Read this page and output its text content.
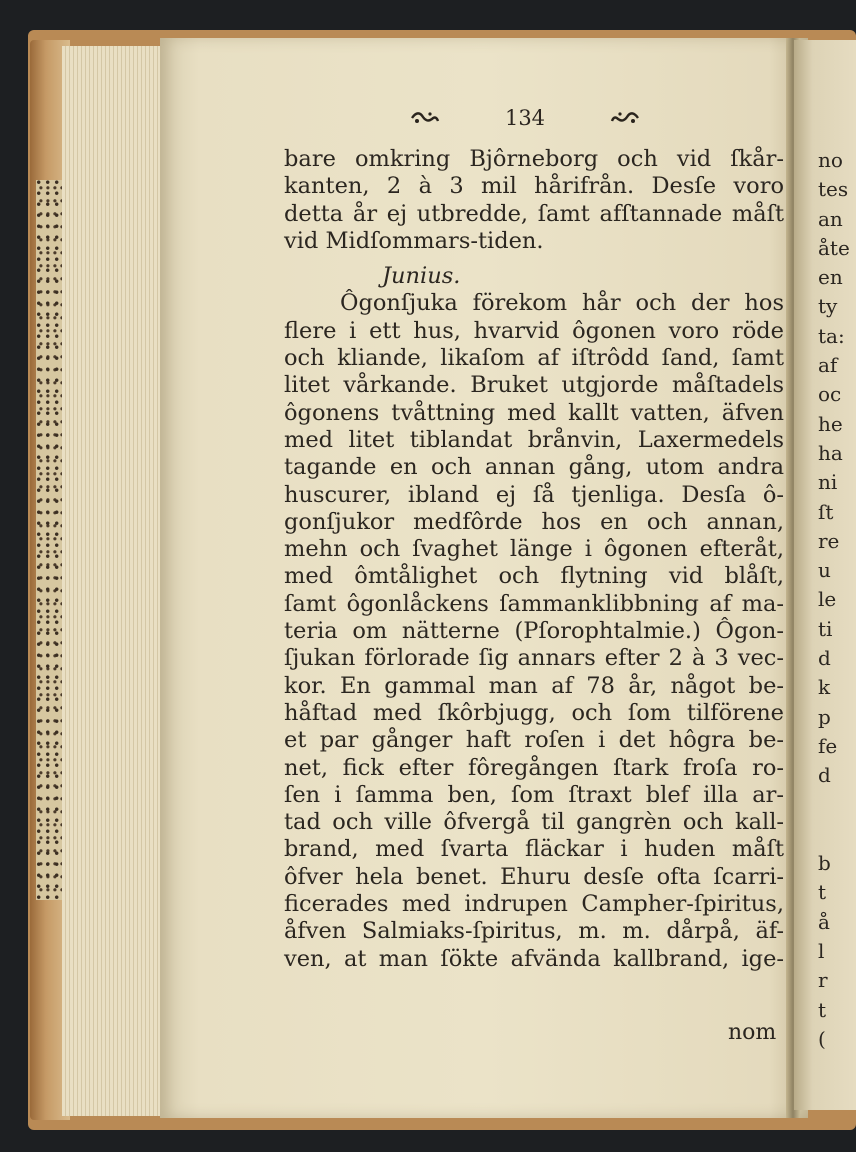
no
tes
an
åte
en
ty
ta:
af
oc
he
ha
ni
ſt
re
u
le
ti
d
k
p
fe
d
b
t
å
l
r
t
(
134
bare omkring Bjôrneborg och vid ſkår-
kanten, 2 à 3 mil hårifrån. Desſe voro
detta år ej utbredde, ſamt afſtannade måſt
vid Midſommars-tiden.
Junius.
Ôgonſjuka förekom hår och der hos
flere i ett hus, hvarvid ôgonen voro röde
och kliande, likaſom af iſtrôdd ſand, ſamt
litet vårkande. Bruket utgjorde måſtadels
ôgonens tvåttning med kallt vatten, äfven
med litet tiblandat brånvin, Laxermedels
tagande en och annan gång, utom andra
huscurer, ibland ej ſå tjenliga. Desſa ô-
gonſjukor medfôrde hos en och annan,
mehn och ſvaghet länge i ôgonen efteråt,
med ômtålighet och flytning vid blåſt,
ſamt ôgonlåckens ſammanklibbning af ma-
teria om nätterne (Pſorophtalmie.) Ôgon-
ſjukan förlorade ſig annars efter 2 à 3 vec-
kor. En gammal man af 78 år, något be-
håftad med ſkôrbjugg, och ſom tilförene
et par gånger haft roſen i det hôgra be-
net, fick efter fôregången ſtark froſa ro-
ſen i ſamma ben, ſom ſtraxt blef illa ar-
tad och ville ôfvergå til gangrèn och kall-
brand, med ſvarta fläckar i huden måſt
ôfver hela benet. Ehuru desſe ofta ſcarri-
ficerades med indrupen Campher-ſpiritus,
åfven Salmiaks-ſpiritus, m. m. dårpå, äf-
ven, at man ſökte afvända kallbrand, ige-
nom
